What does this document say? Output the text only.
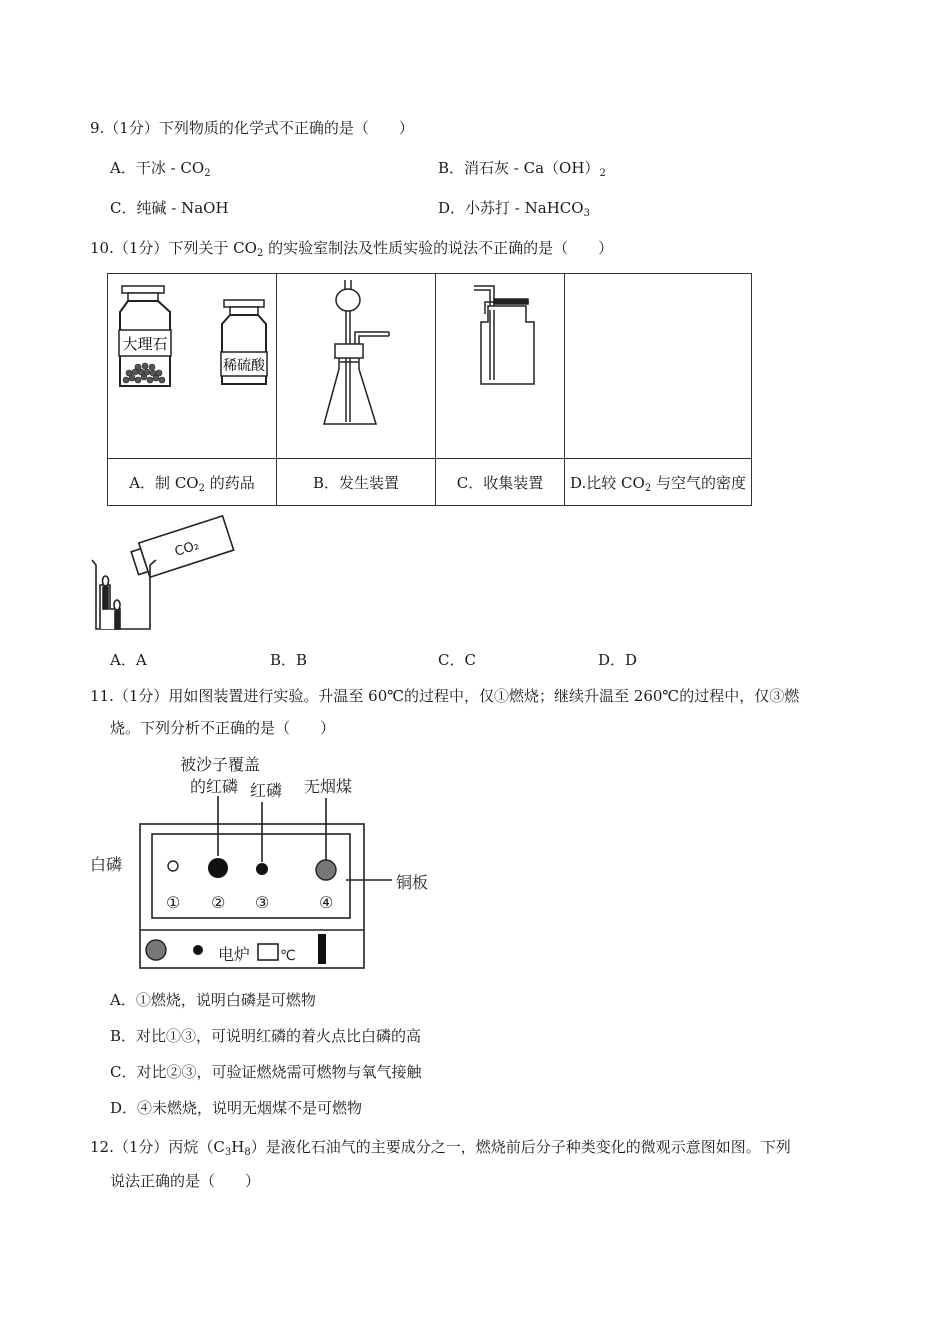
9.（1分）下列物质的化学式不正确的是（　　）
A．干冰 - $CO_2$	B．消石灰 - $Ca(OH)_2$
C．纯碱 - NaOH	D．小苏打 - NaHCO$_3$
10.（1分）下列关于 $CO_2$ 的实验室制法及性质实验的说法不正确的是（　　）
大理石
稀硫酸

A．制 $CO_2$ 的药品	B．发生装置	C．收集装置	D.比较 $CO_2$ 与空气的密度
CO₂
A．A	B．B	C．C	D．D
11.（1分）用如图装置进行实验。升温至 60℃的过程中，仅①燃烧；继续升温至 260℃的过程中，仅③燃
烧。下列分析不正确的是（　　）
被沙子覆盖
的红磷 红磷 无烟煤
白磷
铜板
电炉
① ② ③	④
℃
A．①燃烧，说明白磷是可燃物
B．对比①③，可说明红磷的着火点比白磷的高
C．对比②③，可验证燃烧需可燃物与氧气接触
D．④未燃烧，说明无烟煤不是可燃物
12.（1分）丙烷$(C_3H_8)$是液化石油气的主要成分之一，燃烧前后分子种类变化的微观示意图如图。下列
说法正确的是（　　）
